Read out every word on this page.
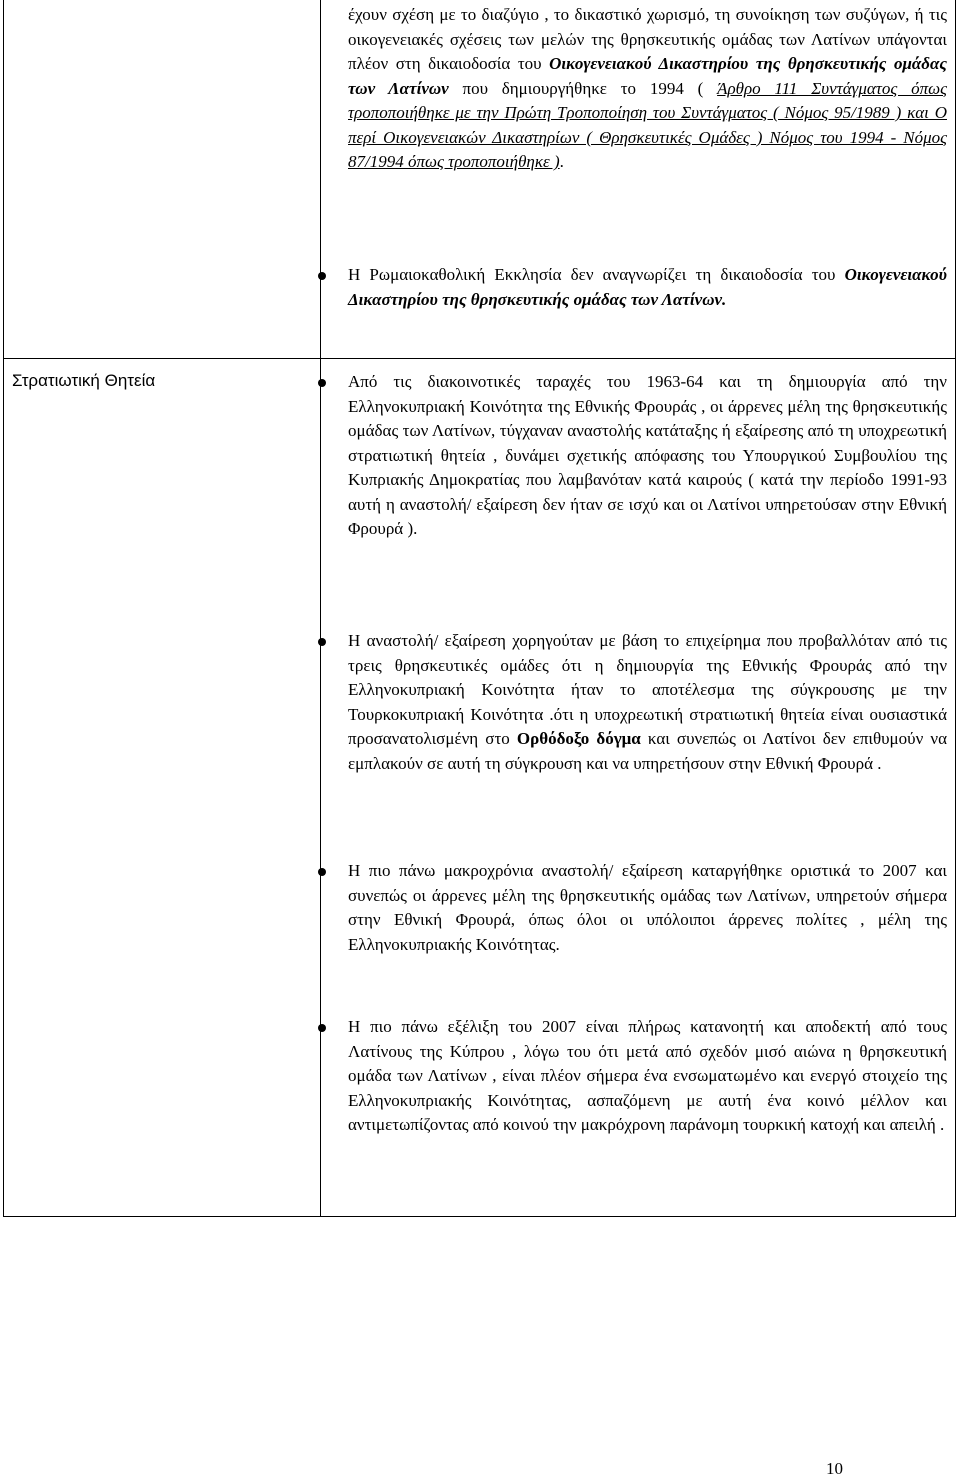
έχουν σχέση με το διαζύγιο , το δικαστικό χωρισμό, τη συνοίκηση των συζύγων, ή τις οικογενειακές σχέσεις των μελών της θρησκευτικής ομάδας των Λατίνων υπάγονται πλέον στη δικαιοδοσία του Οικογενειακού Δικαστηρίου της θρησκευτικής ομάδας των Λατίνων που δημιουργήθηκε το 1994 ( Άρθρο 111 Συντάγματος όπως τροποποιήθηκε με την Πρώτη Τροποποίηση του Συντάγματος ( Νόμος 95/1989 ) και Ο περί Οικογενειακών Δικαστηρίων ( Θρησκευτικές Ομάδες ) Νόμος του 1994 - Νόμος 87/1994 όπως τροποποιήθηκε ).
Η Ρωμαιοκαθολική Εκκλησία δεν αναγνωρίζει τη δικαιοδοσία του Οικογενειακού Δικαστηρίου της θρησκευτικής ομάδας των Λατίνων.
Στρατιωτική Θητεία	Από τις διακοινοτικές ταραχές του 1963-64 και τη δημιουργία από την Ελληνοκυπριακή Κοινότητα της Εθνικής Φρουράς , οι άρρενες μέλη της θρησκευτικής ομάδας των Λατίνων, τύγχαναν αναστολής κατάταξης ή εξαίρεσης από τη υποχρεωτική στρατιωτική θητεία , δυνάμει σχετικής απόφασης του Υπουργικού Συμβουλίου της Κυπριακής Δημοκρατίας που λαμβανόταν κατά καιρούς ( κατά την περίοδο 1991-93 αυτή η αναστολή/ εξαίρεση δεν ήταν σε ισχύ και οι Λατίνοι υπηρετούσαν στην Εθνική Φρουρά ).
Η αναστολή/ εξαίρεση χορηγούταν με βάση το επιχείρημα που προβαλλόταν από τις τρεις θρησκευτικές ομάδες ότι η δημιουργία της Εθνικής Φρουράς από την Ελληνοκυπριακή Κοινότητα ήταν το αποτέλεσμα της σύγκρουσης με την Τουρκοκυπριακή Κοινότητα .ότι η υποχρεωτική στρατιωτική θητεία είναι ουσιαστικά προσανατολισμένη στο Ορθόδοξο δόγμα και συνεπώς οι Λατίνοι δεν επιθυμούν να εμπλακούν σε αυτή τη σύγκρουση και να υπηρετήσουν στην Εθνική Φρουρά .
Η πιο πάνω μακροχρόνια αναστολή/ εξαίρεση καταργήθηκε οριστικά το 2007 και συνεπώς οι άρρενες μέλη της θρησκευτικής ομάδας των Λατίνων, υπηρετούν σήμερα στην Εθνική Φρουρά, όπως όλοι οι υπόλοιποι άρρενες πολίτες , μέλη της Ελληνοκυπριακής Κοινότητας.
Η πιο πάνω εξέλιξη του 2007 είναι πλήρως κατανοητή και αποδεκτή από τους Λατίνους της Κύπρου , λόγω του ότι μετά από σχεδόν μισό αιώνα η θρησκευτική ομάδα των Λατίνων , είναι πλέον σήμερα ένα ενσωματωμένο και ενεργό στοιχείο της Ελληνοκυπριακής Κοινότητας, ασπαζόμενη με αυτή ένα κοινό μέλλον και αντιμετωπίζοντας από κοινού την μακρόχρονη παράνομη τουρκική κατοχή και απειλή .
10
